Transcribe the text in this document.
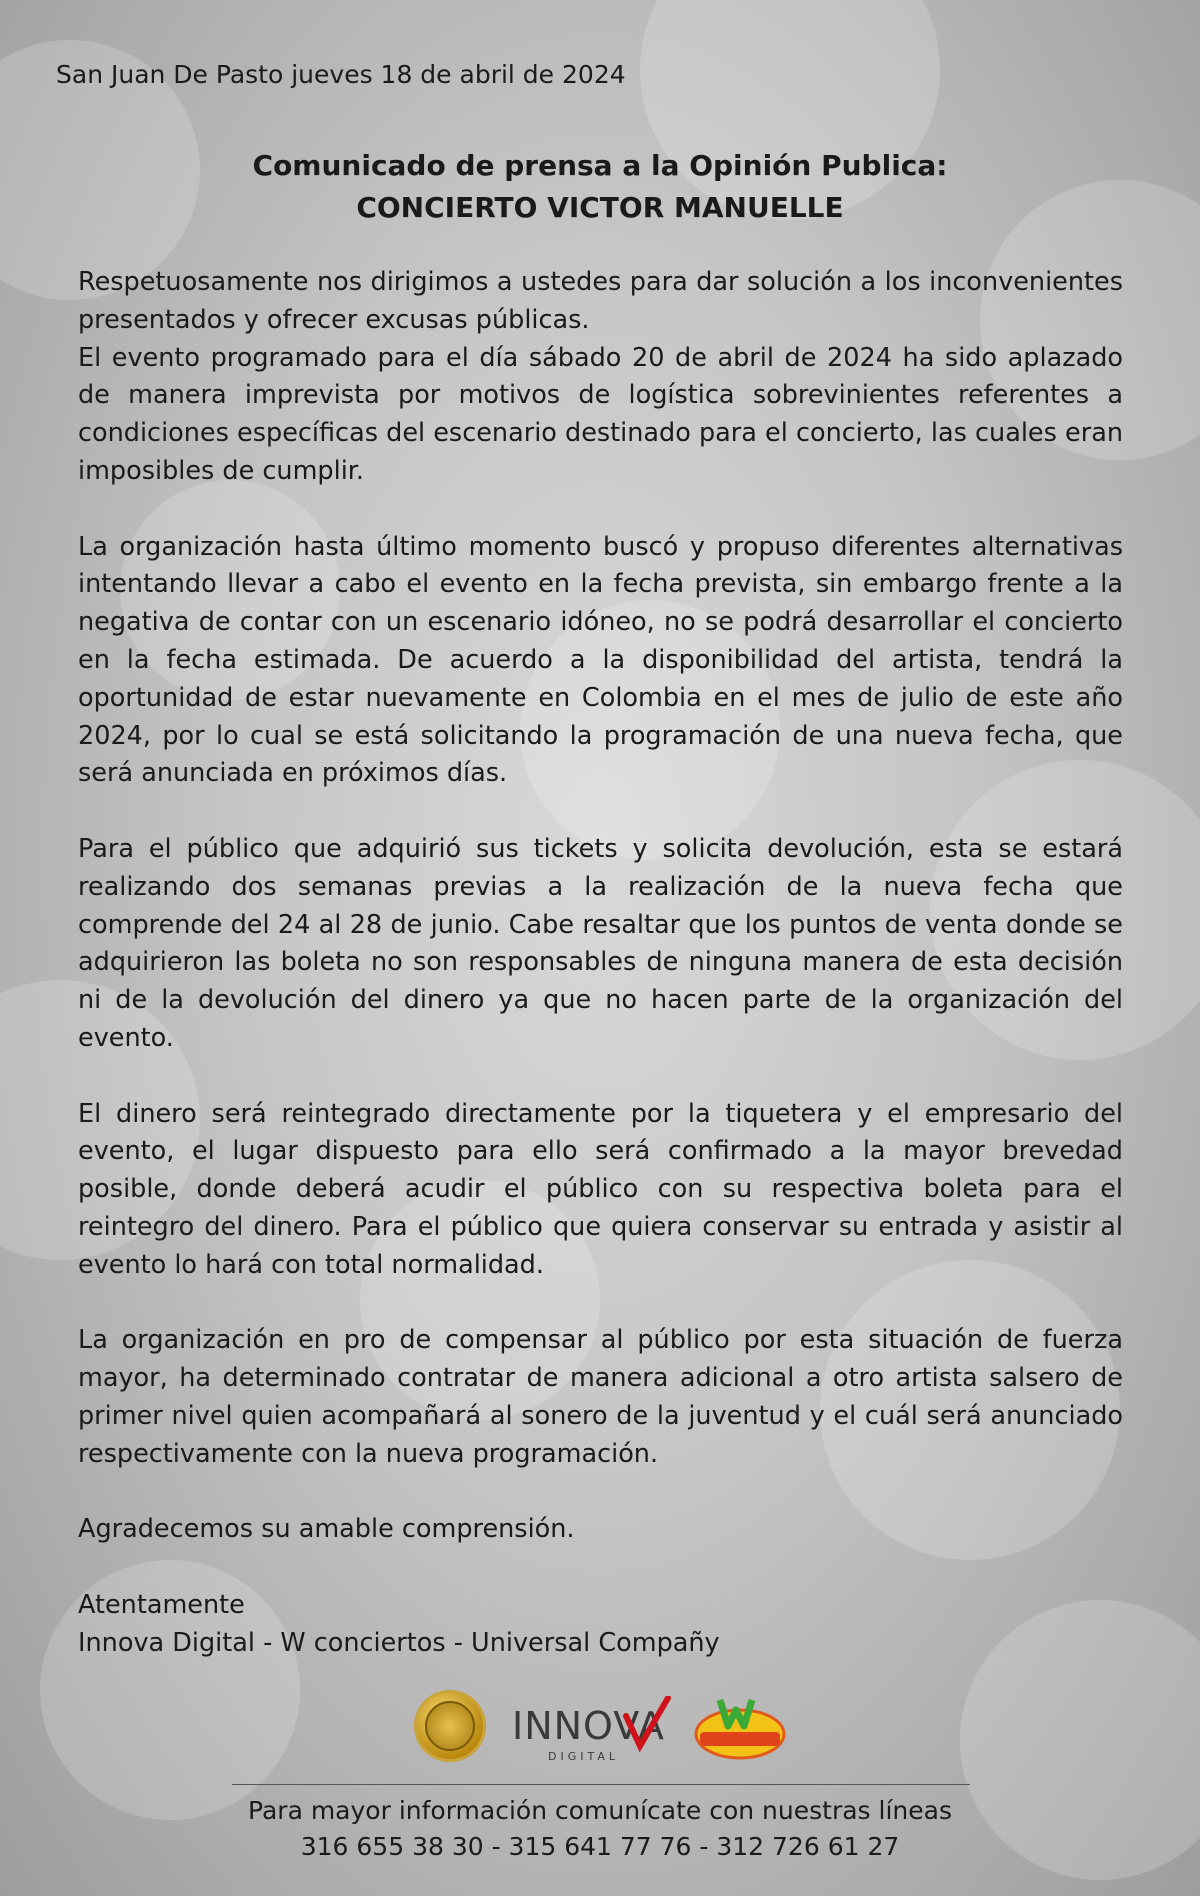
San Juan De Pasto jueves 18 de abril de 2024
Comunicado de prensa a la Opinión Publica:
CONCIERTO VICTOR MANUELLE

Respetuosamente nos dirigimos a ustedes para dar solución a los inconvenientes presentados y ofrecer excusas públicas.

El evento programado para el día sábado 20 de abril de 2024 ha sido aplazado de manera imprevista por motivos de logística sobrevinientes referentes a condiciones específicas del escenario destinado para el concierto, las cuales eran imposibles de cumplir.

La organización hasta último momento buscó y propuso diferentes alternativas intentando llevar a cabo el evento en la fecha prevista, sin embargo frente a la negativa de contar con un escenario idóneo, no se podrá desarrollar el concierto en la fecha estimada. De acuerdo a la disponibilidad del artista, tendrá la oportunidad de estar nuevamente en Colombia en el mes de julio de este año 2024, por lo cual se está solicitando la programación de una nueva fecha, que será anunciada en próximos días.

Para el público que adquirió sus tickets y solicita devolución, esta se estará realizando dos semanas previas a la realización de la nueva fecha que comprende del 24 al 28 de junio. Cabe resaltar que los puntos de venta donde se adquirieron las boleta no son responsables de ninguna manera de esta decisión ni de la devolución del dinero ya que no hacen parte de la organización del evento.

El dinero será reintegrado directamente por la tiquetera y el empresario del evento, el lugar dispuesto para ello será confirmado a la mayor brevedad posible, donde deberá acudir el público con su respectiva boleta para el reintegro del dinero. Para el público que quiera conservar su entrada y asistir al evento lo hará con total normalidad.

La organización en pro de compensar al público por esta situación de fuerza mayor, ha determinado contratar de manera adicional a otro artista salsero de primer nivel quien acompañará al sonero de la juventud y el cuál será anunciado respectivamente con la nueva programación.

Agradecemos su amable comprensión.

Atentamente

Innova Digital - W conciertos - Universal Compañy

INNOVA
DIGITAL
Para mayor información comunícate con nuestras líneas
316 655 38 30 - 315 641 77 76 - 312 726 61 27
